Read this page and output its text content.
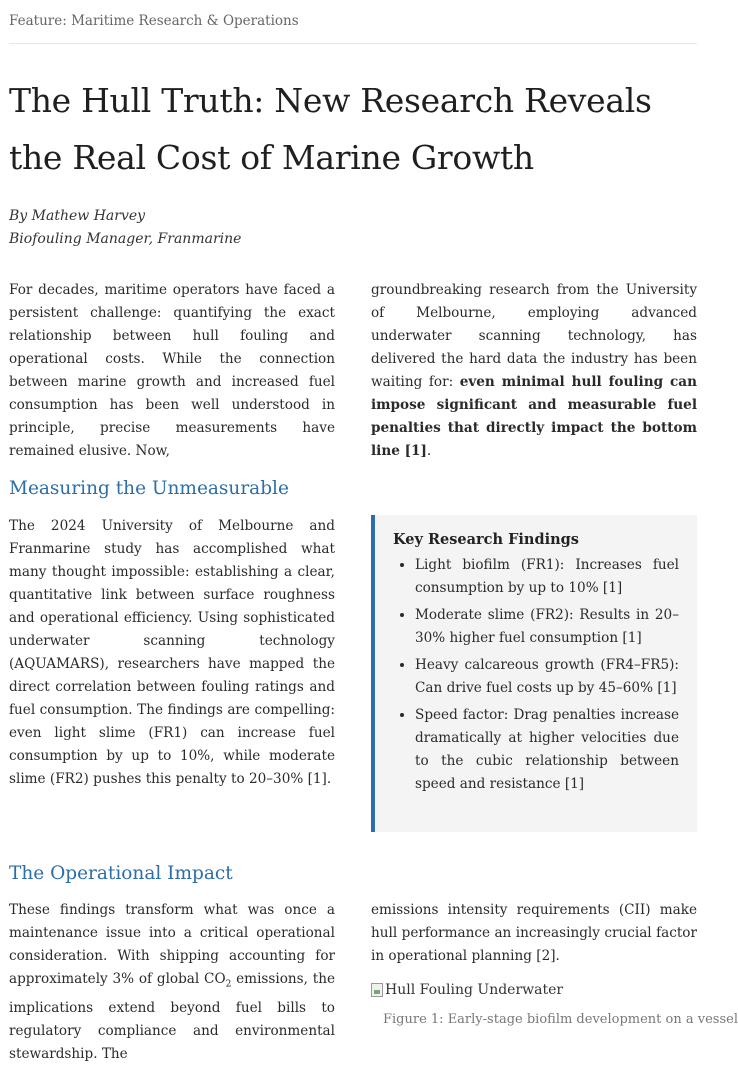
Feature: Maritime Research & Operations
The Hull Truth: New Research Reveals the Real Cost of Marine Growth
By Mathew Harvey
Biofouling Manager, Franmarine

For decades, maritime operators have faced a persistent challenge: quantifying the exact relationship between hull fouling and operational costs. While the connection between marine growth and increased fuel consumption has been well understood in principle, precise measurements have remained elusive. Now,

groundbreaking research from the University of Melbourne, employing advanced underwater scanning technology, has delivered the hard data the industry has been waiting for: even minimal hull fouling can impose significant and measurable fuel penalties that directly impact the bottom line [1].

Measuring the Unmeasurable

The 2024 University of Melbourne and Franmarine study has accomplished what many thought impossible: establishing a clear, quantitative link between surface roughness and operational efficiency. Using sophisticated underwater scanning technology (AQUAMARS), researchers have mapped the direct correlation between fouling ratings and fuel consumption. The findings are compelling: even light slime (FR1) can increase fuel consumption by up to 10%, while moderate slime (FR2) pushes this penalty to 20–30% [1].

Key Research Findings
• Light biofilm (FR1): Increases fuel consumption by up to 10% [1]
• Moderate slime (FR2): Results in 20–30% higher fuel consumption [1]
• Heavy calcareous growth (FR4–FR5): Can drive fuel costs up by 45–60% [1]
• Speed factor: Drag penalties increase dramatically at higher velocities due to the cubic relationship between speed and resistance [1]
The Operational Impact

These findings transform what was once a maintenance issue into a critical operational consideration. With shipping accounting for approximately 3% of global $CO_2$ emissions, the implications extend beyond fuel bills to regulatory compliance and environmental stewardship. The

emissions intensity requirements (CII) make hull performance an increasingly crucial factor in operational planning [2].

Hull Fouling Underwater
Figure 1: Early-stage biofilm development on a vessel
